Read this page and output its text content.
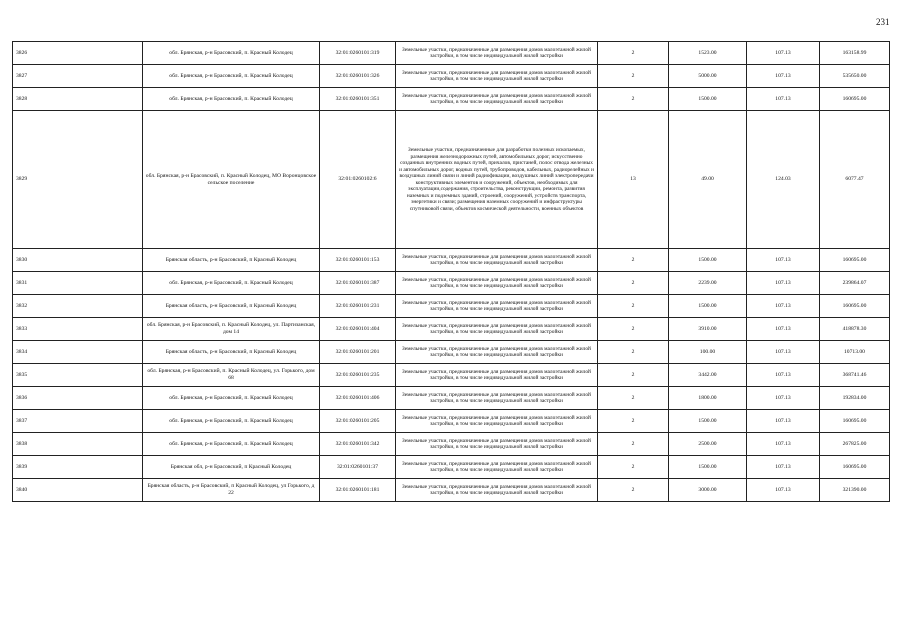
231
3826	обл. Брянская, р-н Брасовский, п. Красный Колодец	32:01:0260101:319	Земельные участки, предназначенные для размещения домов малоэтажной жилой застройки, в том числе индивидуальной жилой застройки	2	1523.00	107.13	163158.99
3827	обл. Брянская, р-н Брасовский, п. Красный Колодец	32:01:0260101:326	Земельные участки, предназначенные для размещения домов малоэтажной жилой застройки, в том числе индивидуальной жилой застройки	2	5000.00	107.13	535650.00
3828	обл. Брянская, р-н Брасовский, п. Красный Колодец	32:01:0260101:351	Земельные участки, предназначенные для размещения домов малоэтажной жилой застройки, в том числе индивидуальной жилой застройки	2	1500.00	107.13	160695.00
3829	обл. Брянская, р-н Брасовский, п. Красный Колодец, МО Воронцовское сельское поселение	32:01:0260102:6	Земельные участки, предназначенные для разработки полезных ископаемых, размещения железнодорожных путей, автомобильных дорог, искусственно созданных внутренних водных путей, причалов, пристаней, полос отвода железных и автомобильных дорог, водных путей, трубопроводов, кабельных, радиорелейных и воздушных линий связи и линий радиофикации, воздушных линий электропередачи конструктивных элементов и сооружений, объектов, необходимых для эксплуатации,содержания, строительства, реконструкции, ремонта, развития наземных и подземных зданий, строений, сооружений, устройств транспорта, энергетики и связи; размещения наземных сооружений и инфраструктуры спутниковой связи, объектов космической деятельности, военных объектов	13	49.00	124.03	6077.47
3830	Брянская область, р-н Брасовский, п Красный Колодец	32:01:0260101:153	Земельные участки, предназначенные для размещения домов малоэтажной жилой застройки, в том числе индивидуальной жилой застройки	2	1500.00	107.13	160695.00
3831	обл. Брянская, р-н Брасовский, п. Красный Колодец	32:01:0260101:387	Земельные участки, предназначенные для размещения домов малоэтажной жилой застройки, в том числе индивидуальной жилой застройки	2	2239.00	107.13	239864.07
3832	Брянская область, р-н Брасовский, п Красный Колодец	32:01:0260101:231	Земельные участки, предназначенные для размещения домов малоэтажной жилой застройки, в том числе индивидуальной жилой застройки	2	1500.00	107.13	160695.00
3833	обл. Брянская, р-н Брасовский, п. Красный Колодец, ул. Партизанская, дом 14	32:01:0260101:404	Земельные участки, предназначенные для размещения домов малоэтажной жилой застройки, в том числе индивидуальной жилой застройки	2	3910.00	107.13	418878.30
3834	Брянская область, р-н Брасовский, п Красный Колодец	32:01:0260101:201	Земельные участки, предназначенные для размещения домов малоэтажной жилой застройки, в том числе индивидуальной жилой застройки	2	100.00	107.13	10713.00
3835	обл. Брянская, р-н Брасовский, п. Красный Колодец, ул. Горького, дом 68	32:01:0260101:235	Земельные участки, предназначенные для размещения домов малоэтажной жилой застройки, в том числе индивидуальной жилой застройки	2	3442.00	107.13	368741.46
3836	обл. Брянская, р-н Брасовский, п. Красный Колодец	32:01:0260101:406	Земельные участки, предназначенные для размещения домов малоэтажной жилой застройки, в том числе индивидуальной жилой застройки	2	1800.00	107.13	192834.00
3837	обл. Брянская, р-н Брасовский, п. Красный Колодец	32:01:0260101:205	Земельные участки, предназначенные для размещения домов малоэтажной жилой застройки, в том числе индивидуальной жилой застройки	2	1500.00	107.13	160695.00
3838	обл. Брянская, р-н Брасовский, п. Красный Колодец	32:01:0260101:342	Земельные участки, предназначенные для размещения домов малоэтажной жилой застройки, в том числе индивидуальной жилой застройки	2	2500.00	107.13	267825.00
3839	Брянская обл, р-н Брасовский, п Красный Колодец	32:01:0260101:37	Земельные участки, предназначенные для размещения домов малоэтажной жилой застройки, в том числе индивидуальной жилой застройки	2	1500.00	107.13	160695.00
3840	Брянская область, р-н Брасовский, п Красный Колодец, ул Горького, д 22	32:01:0260101:181	Земельные участки, предназначенные для размещения домов малоэтажной жилой застройки, в том числе индивидуальной жилой застройки	2	3000.00	107.13	321390.00
